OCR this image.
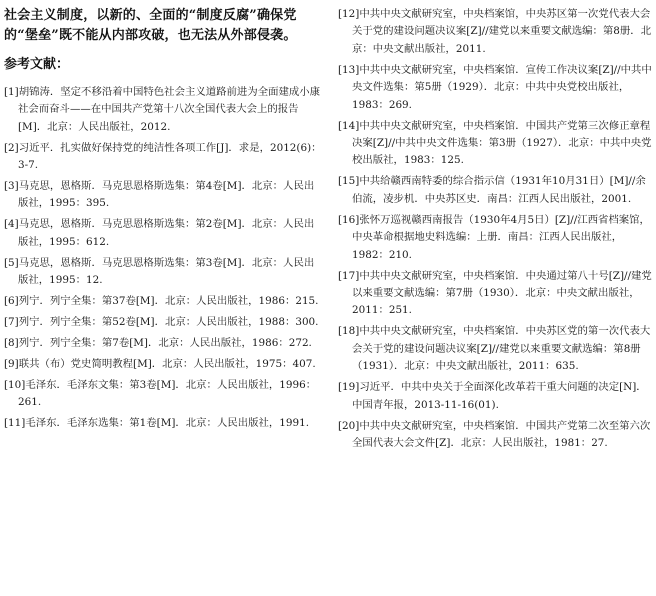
社会主义制度，以新的、全面的“制度反腐”确保党的“堡垒”既不能从内部攻破，也无法从外部侵袭。

参考文献：
[1]胡锦涛．坚定不移沿着中国特色社会主义道路前进为全面建成小康社会而奋斗——在中国共产党第十八次全国代表大会上的报告[M]．北京：人民出版社，2012.
[2]习近平．扎实做好保持党的纯洁性各项工作[J]．求是，2012(6)：3-7.
[3]马克思，恩格斯．马克思恩格斯选集：第4卷[M]．北京：人民出版社，1995：395.
[4]马克思，恩格斯．马克思恩格斯选集：第2卷[M]．北京：人民出版社，1995：612.
[5]马克思，恩格斯．马克思恩格斯选集：第3卷[M]．北京：人民出版社，1995：12.
[6]列宁．列宁全集：第37卷[M]．北京：人民出版社，1986：215.
[7]列宁．列宁全集：第52卷[M]．北京：人民出版社，1988：300.
[8]列宁．列宁全集：第7卷[M]．北京：人民出版社，1986：272.
[9]联共（布）党史简明教程[M]．北京：人民出版社，1975：407.
[10]毛泽东．毛泽东文集：第3卷[M]．北京：人民出版社，1996：261.
[11]毛泽东．毛泽东选集：第1卷[M]．北京：人民出版社，1991.
[12]中共中央文献研究室，中央档案馆，中央苏区第一次党代表大会关于党的建设问题决议案[Z]//建党以来重要文献选编：第8册．北京：中央文献出版社，2011.
[13]中共中央文献研究室，中央档案馆．宣传工作决议案[Z]//中共中央文件选集：第5册（1929）．北京：中共中央党校出版社，1983：269.
[14]中共中央文献研究室，中央档案馆．中国共产党第三次修正章程决案[Z]//中共中央文件选集：第3册（1927）．北京：中共中央党校出版社，1983：125.
[15]中共给赣西南特委的综合指示信（1931年10月31日）[M]//余伯流，凌步机．中央苏区史．南昌：江西人民出版社，2001.
[16]张怀万巡视赣西南报告（1930年4月5日）[Z]//江西省档案馆，中央革命根据地史料选编：上册．南昌：江西人民出版社，1982：210.
[17]中共中央文献研究室，中央档案馆．中央通过第八十号[Z]//建党以来重要文献选编：第7册（1930）．北京：中央文献出版社，2011：251.
[18]中共中央文献研究室，中央档案馆．中央苏区党的第一次代表大会关于党的建设问题决议案[Z]//建党以来重要文献选编：第8册（1931）．北京：中央文献出版社，2011：635.
[19]习近平．中共中央关于全面深化改革若干重大问题的决定[N]．中国青年报，2013-11-16(01).
[20]中共中央文献研究室，中央档案馆．中国共产党第二次至第六次全国代表大会文件[Z]．北京：人民出版社，1981：27.
